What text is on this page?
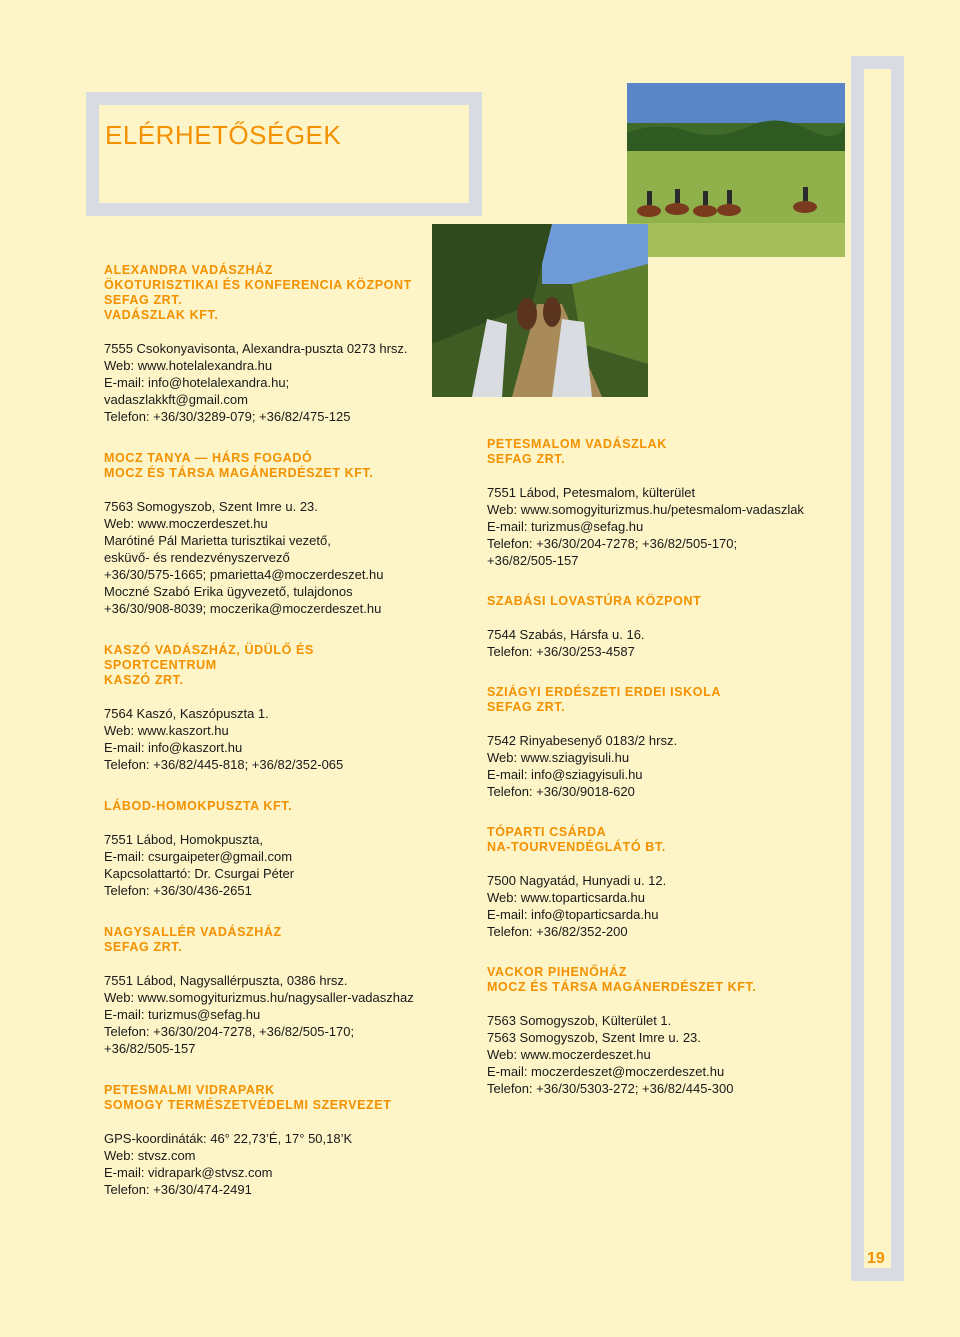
ELÉRHETŐSÉGEK
ALEXANDRA VADÁSZHÁZ
ÖKOTURISZTIKAI ÉS KONFERENCIA KÖZPONT
SEFAG ZRT.
VADÁSZLAK KFT.
7555 Csokonyavisonta, Alexandra-puszta 0273 hrsz.
Web: www.hotelalexandra.hu
E-mail: info@hotelalexandra.hu;
vadaszlakkft@gmail.com
Telefon: +36/30/3289-079; +36/82/475-125
MOCZ TANYA — HÁRS FOGADÓ
MOCZ ÉS TÁRSA MAGÁNERDÉSZET KFT.
7563 Somogyszob, Szent Imre u. 23.
Web: www.moczerdeszet.hu
Marótiné Pál Marietta turisztikai vezető,
esküvő- és rendezvényszervező
+36/30/575-1665; pmarietta4@moczerdeszet.hu
Moczné Szabó Erika ügyvezető, tulajdonos
+36/30/908-8039; moczerika@moczerdeszet.hu
KASZÓ VADÁSZHÁZ, ÜDÜLŐ ÉS
SPORTCENTRUM
KASZÓ ZRT.
7564 Kaszó, Kaszópuszta 1.
Web: www.kaszort.hu
E-mail: info@kaszort.hu
Telefon: +36/82/445-818; +36/82/352-065
LÁBOD-HOMOKPUSZTA KFT.
7551 Lábod, Homokpuszta,
E-mail: csurgaipeter@gmail.com
Kapcsolattartó: Dr. Csurgai Péter
Telefon: +36/30/436-2651
NAGYSALLÉR VADÁSZHÁZ
SEFAG ZRT.
7551 Lábod, Nagysallérpuszta, 0386 hrsz.
Web: www.somogyiturizmus.hu/nagysaller-vadaszhaz
E-mail: turizmus@sefag.hu
Telefon: +36/30/204-7278, +36/82/505-170;
+36/82/505-157
PETESMALMI VIDRAPARK
SOMOGY TERMÉSZETVÉDELMI SZERVEZET
GPS-koordináták: 46° 22,73’É, 17° 50,18’K
Web: stvsz.com
E-mail: vidrapark@stvsz.com
Telefon: +36/30/474-2491
PETESMALOM VADÁSZLAK
SEFAG ZRT.
7551 Lábod, Petesmalom, külterület
Web: www.somogyiturizmus.hu/petesmalom-vadaszlak
E-mail: turizmus@sefag.hu
Telefon: +36/30/204-7278; +36/82/505-170;
+36/82/505-157
SZABÁSI LOVASTÚRA KÖZPONT
7544 Szabás, Hársfa u. 16.
Telefon: +36/30/253-4587
SZIÁGYI ERDÉSZETI ERDEI ISKOLA
SEFAG ZRT.
7542 Rinyabesenyő 0183/2 hrsz.
Web: www.sziagyisuli.hu
E-mail: info@sziagyisuli.hu
Telefon: +36/30/9018-620
TÓPARTI CSÁRDA
NA-TOURVENDÉGLÁTÓ BT.
7500 Nagyatád, Hunyadi u. 12.
Web: www.topartiсsarda.hu
E-mail: info@toparticsarda.hu
Telefon: +36/82/352-200
VACKOR PIHENŐHÁZ
MOCZ ÉS TÁRSA MAGÁNERDÉSZET KFT.
7563 Somogyszob, Külterület 1.
7563 Somogyszob, Szent Imre u. 23.
Web: www.moczerdeszet.hu
E-mail: moczerdeszet@moczerdeszet.hu
Telefon: +36/30/5303-272; +36/82/445-300
19
